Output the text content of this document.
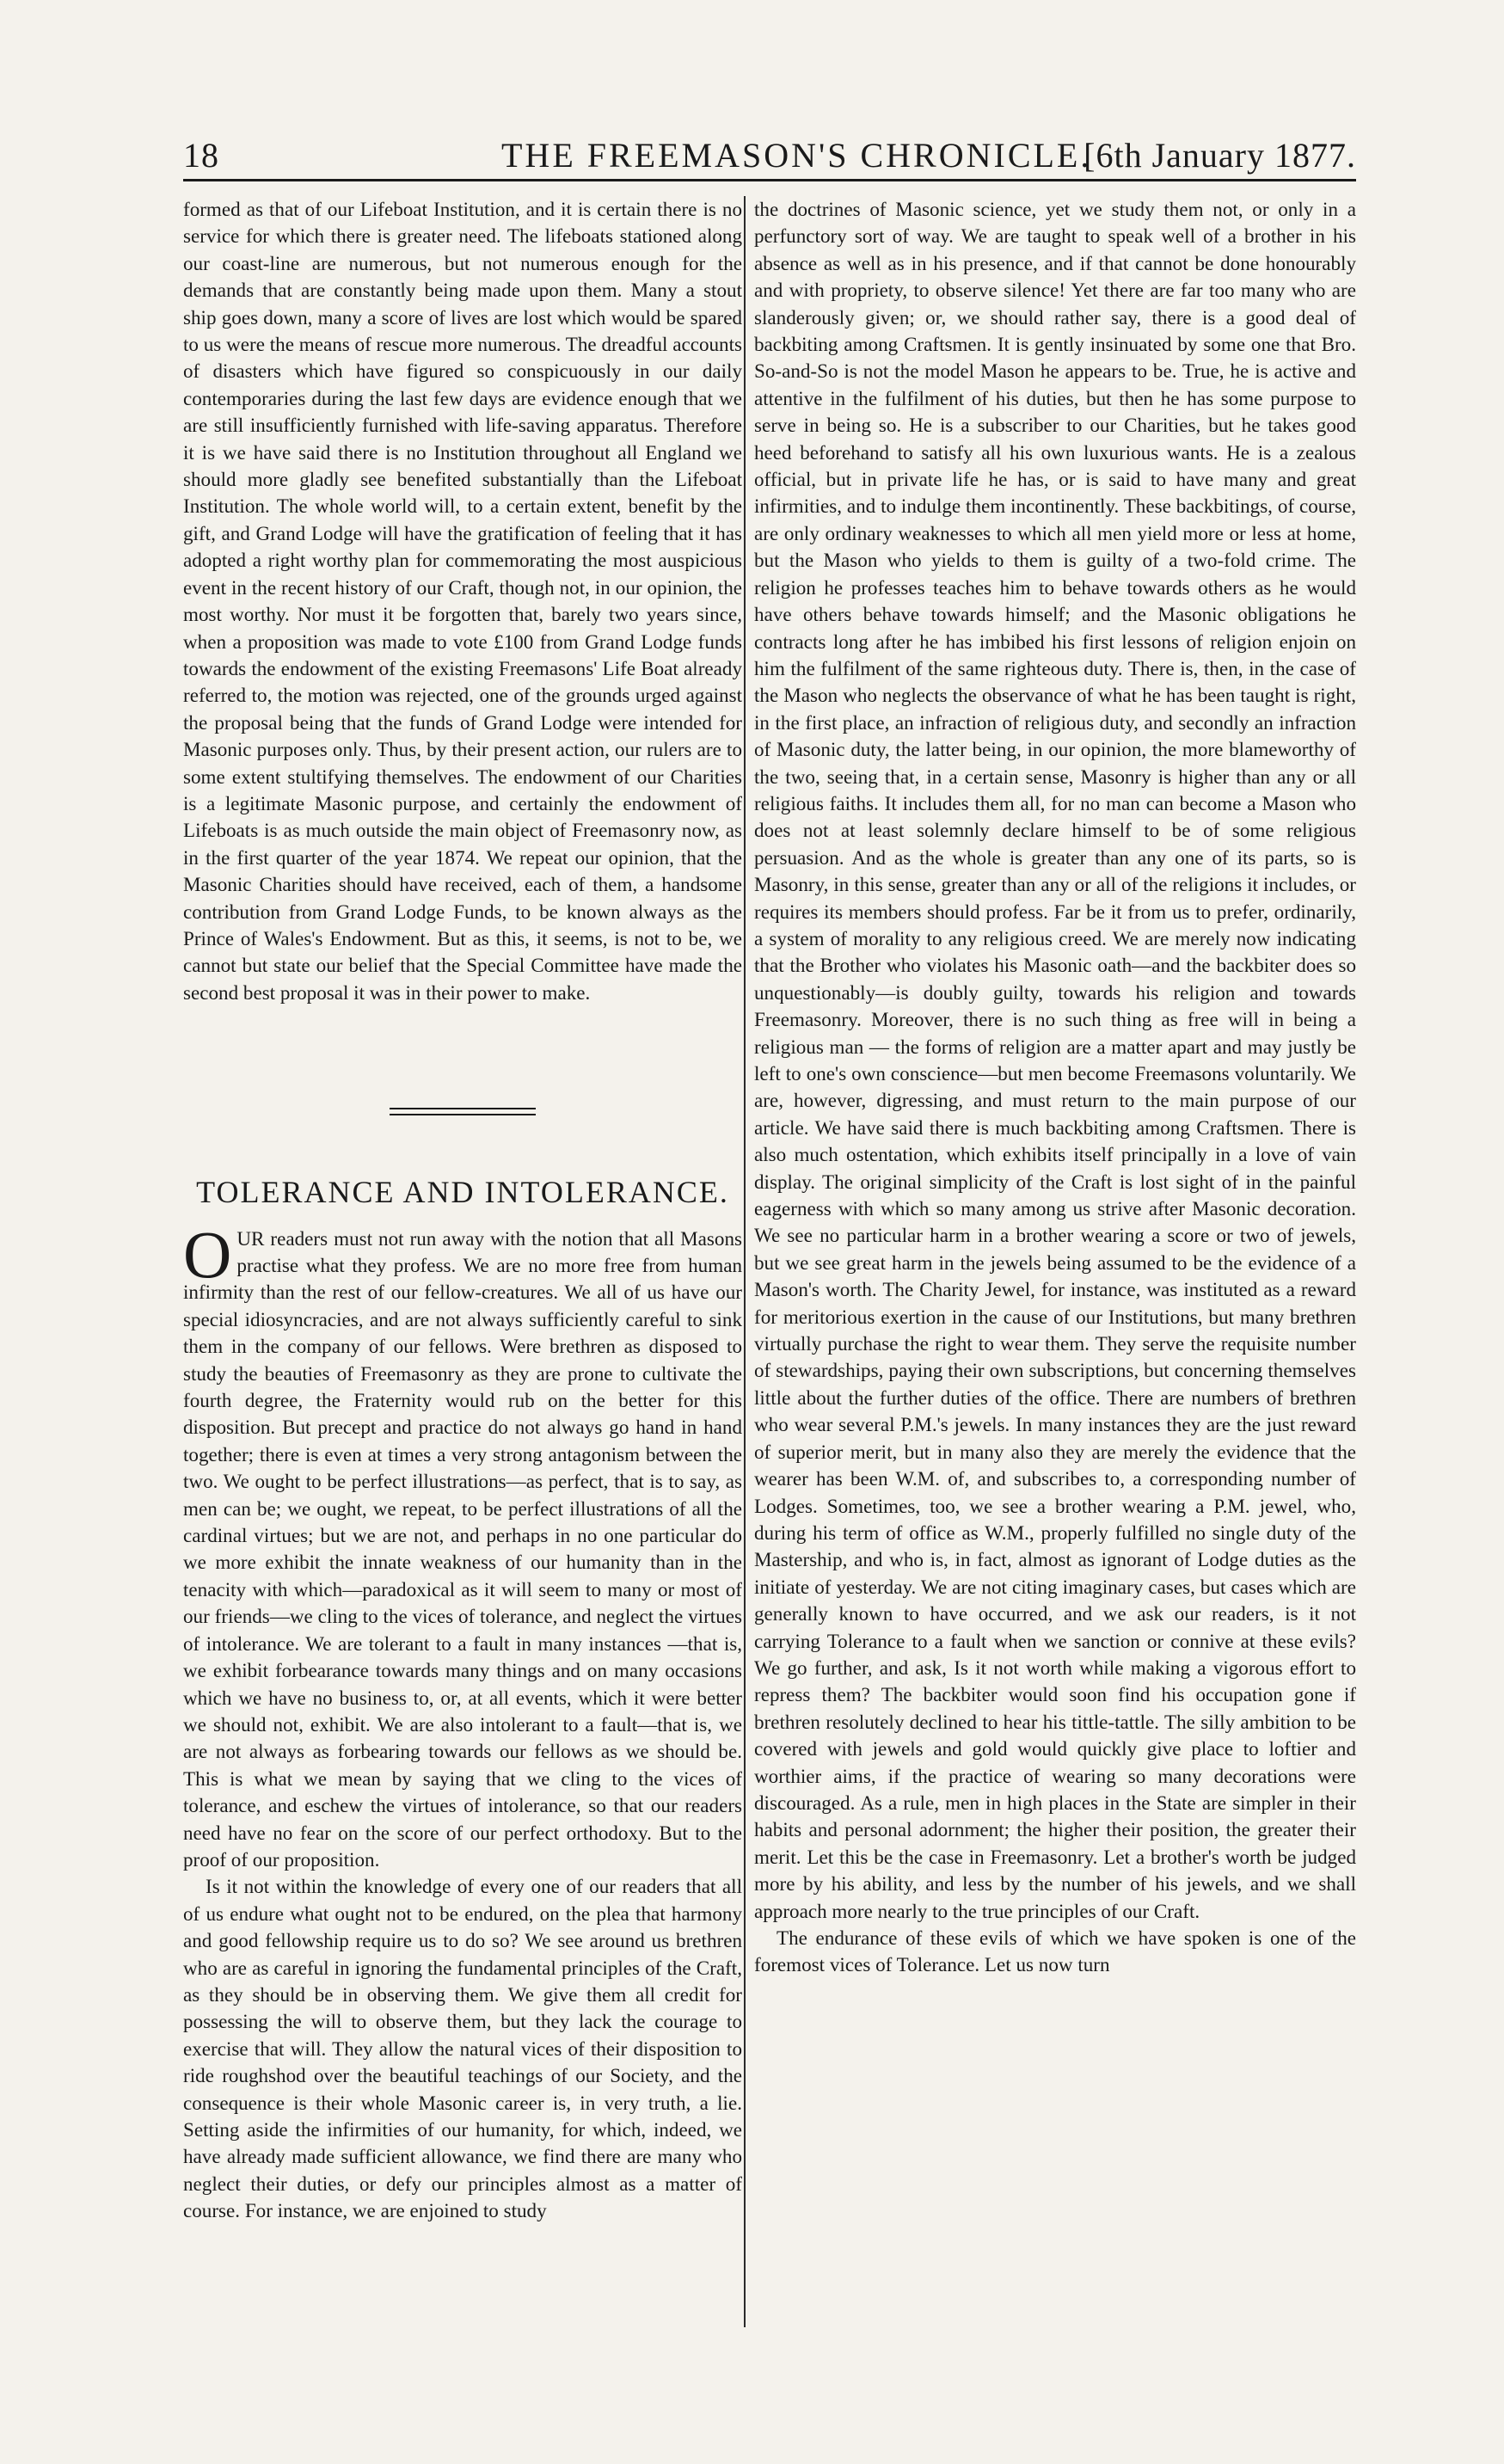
18	THE FREEMASON'S CHRONICLE.
[6th January 1877.

formed as that of our Lifeboat Institution, and it is certain there is no service for which there is greater need. The lifeboats stationed along our coast-line are numerous, but not numerous enough for the demands that are constantly being made upon them. Many a stout ship goes down, many a score of lives are lost which would be spared to us were the means of rescue more numerous. The dreadful accounts of disasters which have figured so conspicuously in our daily contemporaries during the last few days are evidence enough that we are still insufficiently furnished with life-saving apparatus. Therefore it is we have said there is no Institution throughout all England we should more gladly see benefited substantially than the Lifeboat Institution. The whole world will, to a certain extent, benefit by the gift, and Grand Lodge will have the gratification of feeling that it has adopted a right worthy plan for commemorating the most auspicious event in the recent history of our Craft, though not, in our opinion, the most worthy. Nor must it be forgotten that, barely two years since, when a proposition was made to vote £100 from Grand Lodge funds towards the endowment of the existing Freemasons' Life Boat already referred to, the motion was rejected, one of the grounds urged against the proposal being that the funds of Grand Lodge were intended for Masonic purposes only. Thus, by their present action, our rulers are to some extent stultifying themselves. The endowment of our Charities is a legitimate Masonic purpose, and certainly the endowment of Lifeboats is as much outside the main object of Freemasonry now, as in the first quarter of the year 1874. We repeat our opinion, that the Masonic Charities should have received, each of them, a handsome contribution from Grand Lodge Funds, to be known always as the Prince of Wales's Endowment. But as this, it seems, is not to be, we cannot but state our belief that the Special Committee have made the second best proposal it was in their power to make.

TOLERANCE AND INTOLERANCE.

OUR readers must not run away with the notion that all Masons practise what they profess. We are no more free from human infirmity than the rest of our fellow-creatures. We all of us have our special idiosyncracies, and are not always sufficiently careful to sink them in the company of our fellows. Were brethren as disposed to study the beauties of Freemasonry as they are prone to cultivate the fourth degree, the Fraternity would rub on the better for this disposition. But precept and practice do not always go hand in hand together; there is even at times a very strong antagonism between the two. We ought to be perfect illustrations—as perfect, that is to say, as men can be; we ought, we repeat, to be perfect illustrations of all the cardinal virtues; but we are not, and perhaps in no one particular do we more exhibit the innate weakness of our humanity than in the tenacity with which—paradoxical as it will seem to many or most of our friends—we cling to the vices of tolerance, and neglect the virtues of intolerance. We are tolerant to a fault in many instances —that is, we exhibit forbearance towards many things and on many occasions which we have no business to, or, at all events, which it were better we should not, exhibit. We are also intolerant to a fault—that is, we are not always as forbearing towards our fellows as we should be. This is what we mean by saying that we cling to the vices of tolerance, and eschew the virtues of intolerance, so that our readers need have no fear on the score of our perfect orthodoxy. But to the proof of our proposition.

Is it not within the knowledge of every one of our readers that all of us endure what ought not to be endured, on the plea that harmony and good fellowship require us to do so? We see around us brethren who are as careful in ignoring the fundamental principles of the Craft, as they should be in observing them. We give them all credit for possessing the will to observe them, but they lack the courage to exercise that will. They allow the natural vices of their disposition to ride roughshod over the beautiful teachings of our Society, and the consequence is their whole Masonic career is, in very truth, a lie. Setting aside the infirmities of our humanity, for which, indeed, we have already made sufficient allowance, we find there are many who neglect their duties, or defy our principles almost as a matter of course. For instance, we are enjoined to study

the doctrines of Masonic science, yet we study them not, or only in a perfunctory sort of way. We are taught to speak well of a brother in his absence as well as in his presence, and if that cannot be done honourably and with propriety, to observe silence! Yet there are far too many who are slanderously given; or, we should rather say, there is a good deal of backbiting among Craftsmen. It is gently insinuated by some one that Bro. So-and-So is not the model Mason he appears to be. True, he is active and attentive in the fulfilment of his duties, but then he has some purpose to serve in being so. He is a subscriber to our Charities, but he takes good heed beforehand to satisfy all his own luxurious wants. He is a zealous official, but in private life he has, or is said to have many and great infirmities, and to indulge them incontinently. These backbitings, of course, are only ordinary weaknesses to which all men yield more or less at home, but the Mason who yields to them is guilty of a two-fold crime. The religion he professes teaches him to behave towards others as he would have others behave towards himself; and the Masonic obligations he contracts long after he has imbibed his first lessons of religion enjoin on him the fulfilment of the same righteous duty. There is, then, in the case of the Mason who neglects the observance of what he has been taught is right, in the first place, an infraction of religious duty, and secondly an infraction of Masonic duty, the latter being, in our opinion, the more blameworthy of the two, seeing that, in a certain sense, Masonry is higher than any or all religious faiths. It includes them all, for no man can become a Mason who does not at least solemnly declare himself to be of some religious persuasion. And as the whole is greater than any one of its parts, so is Masonry, in this sense, greater than any or all of the religions it includes, or requires its members should profess. Far be it from us to prefer, ordinarily, a system of morality to any religious creed. We are merely now indicating that the Brother who violates his Masonic oath—and the backbiter does so unquestionably—is doubly guilty, towards his religion and towards Freemasonry. Moreover, there is no such thing as free will in being a religious man — the forms of religion are a matter apart and may justly be left to one's own conscience—but men become Freemasons voluntarily. We are, however, digressing, and must return to the main purpose of our article. We have said there is much backbiting among Craftsmen. There is also much ostentation, which exhibits itself principally in a love of vain display. The original simplicity of the Craft is lost sight of in the painful eagerness with which so many among us strive after Masonic decoration. We see no particular harm in a brother wearing a score or two of jewels, but we see great harm in the jewels being assumed to be the evidence of a Mason's worth. The Charity Jewel, for instance, was instituted as a reward for meritorious exertion in the cause of our Institutions, but many brethren virtually purchase the right to wear them. They serve the requisite number of stewardships, paying their own subscriptions, but concerning themselves little about the further duties of the office. There are numbers of brethren who wear several P.M.'s jewels. In many instances they are the just reward of superior merit, but in many also they are merely the evidence that the wearer has been W.M. of, and subscribes to, a corresponding number of Lodges. Sometimes, too, we see a brother wearing a P.M. jewel, who, during his term of office as W.M., properly fulfilled no single duty of the Mastership, and who is, in fact, almost as ignorant of Lodge duties as the initiate of yesterday. We are not citing imaginary cases, but cases which are generally known to have occurred, and we ask our readers, is it not carrying Tolerance to a fault when we sanction or connive at these evils? We go further, and ask, Is it not worth while making a vigorous effort to repress them? The backbiter would soon find his occupation gone if brethren resolutely declined to hear his tittle-tattle. The silly ambition to be covered with jewels and gold would quickly give place to loftier and worthier aims, if the practice of wearing so many decorations were discouraged. As a rule, men in high places in the State are simpler in their habits and personal adornment; the higher their position, the greater their merit. Let this be the case in Freemasonry. Let a brother's worth be judged more by his ability, and less by the number of his jewels, and we shall approach more nearly to the true principles of our Craft.

The endurance of these evils of which we have spoken is one of the foremost vices of Tolerance. Let us now turn
